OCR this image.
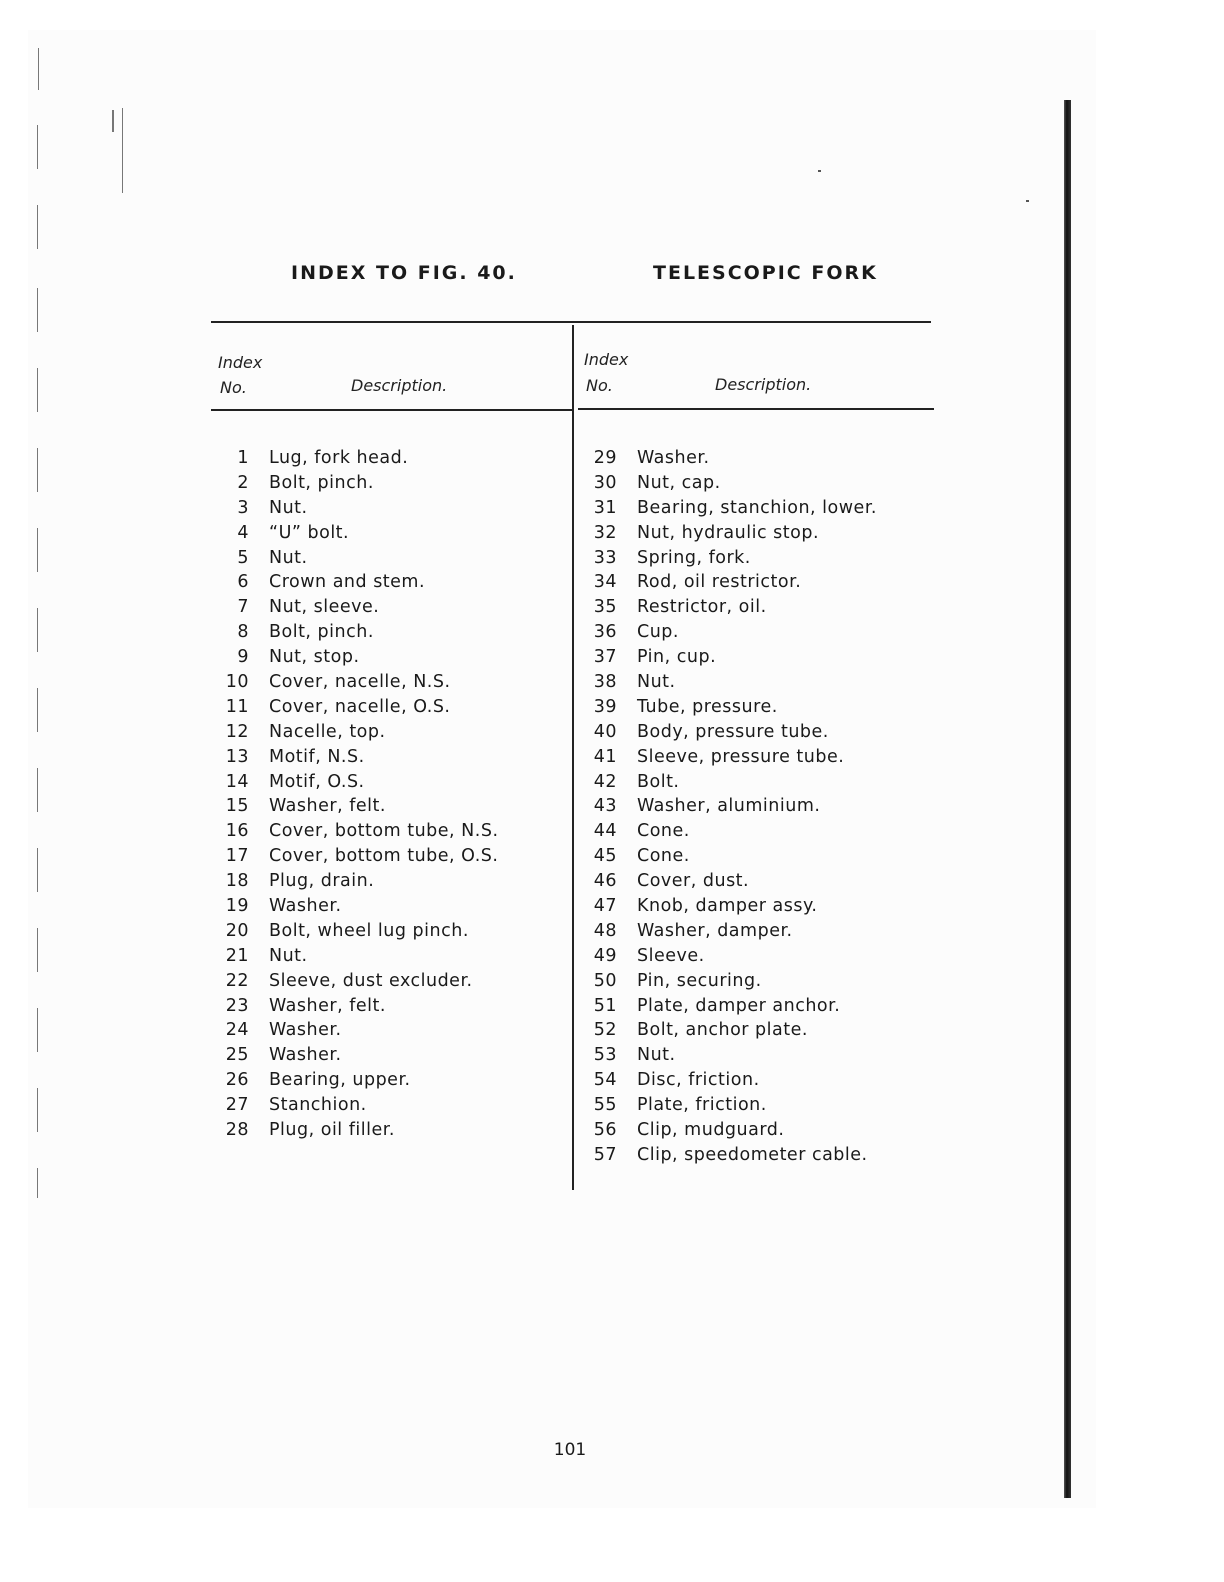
INDEX TO FIG. 40.	TELESCOPIC FORK
Index
No.	Description.
Index
No.	Description.
1 Lug, fork head.
2 Bolt, pinch.
3 Nut.
4 “U” bolt.
5 Nut.
6 Crown and stem.
7 Nut, sleeve.
8 Bolt, pinch.
9 Nut, stop.
10 Cover, nacelle, N.S.
11 Cover, nacelle, O.S.
12 Nacelle, top.
13 Motif, N.S.
14 Motif, O.S.
15 Washer, felt.
16 Cover, bottom tube, N.S.
17 Cover, bottom tube, O.S.
18 Plug, drain.
19 Washer.
20 Bolt, wheel lug pinch.
21 Nut.
22 Sleeve, dust excluder.
23 Washer, felt.
24 Washer.
25 Washer.
26 Bearing, upper.
27 Stanchion.
28 Plug, oil filler.
29 Washer.
30 Nut, cap.
31 Bearing, stanchion, lower.
32 Nut, hydraulic stop.
33 Spring, fork.
34 Rod, oil restrictor.
35 Restrictor, oil.
36 Cup.
37 Pin, cup.
38 Nut.
39 Tube, pressure.
40 Body, pressure tube.
41 Sleeve, pressure tube.
42 Bolt.
43 Washer, aluminium.
44 Cone.
45 Cone.
46 Cover, dust.
47 Knob, damper assy.
48 Washer, damper.
49 Sleeve.
50 Pin, securing.
51 Plate, damper anchor.
52 Bolt, anchor plate.
53 Nut.
54 Disc, friction.
55 Plate, friction.
56 Clip, mudguard.
57 Clip, speedometer cable.
101
